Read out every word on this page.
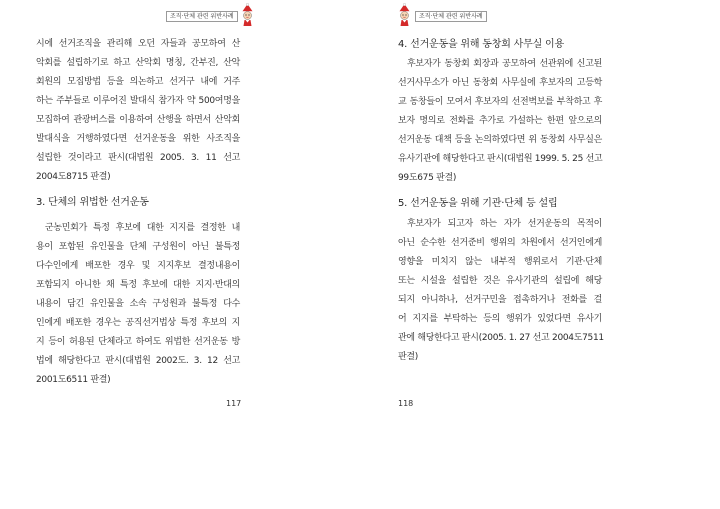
조직·단체 관련 위반사례
시에 선거조직을 관리해 오던 자들과 공모하여 산
악회를 설립하기로 하고 산악회 명칭, 간부진, 산악
회원의 모집방법 등을 의논하고 선거구 내에 거주
하는 주부들로 이루어진 발대식 참가자 약 500여명을
모집하여 관광버스를 이용하여 산행을 하면서 산악회
발대식을 거행하였다면 선거운동을 위한 사조직을
설립한 것이라고 판시(대법원 2005. 3. 11 선고
2004도8715 판결)
3. 단체의 위법한 선거운동
군농민회가 특정 후보에 대한 지지를 결정한 내
용이 포함된 유인물을 단체 구성원이 아닌 불특정
다수인에게 배포한 경우 및 지지후보 결정내용이
포함되지 아니한 채 특정 후보에 대한 지지·반대의
내용이 담긴 유인물을 소속 구성원과 불특정 다수
인에게 배포한 경우는 공직선거법상 특정 후보의 지
지 등이 허용된 단체라고 하여도 위법한 선거운동 방
법에 해당한다고 판시(대법원 2002도. 3. 12 선고
2001도6511 판결)
117
조직·단체 관련 위반사례
4. 선거운동을 위해 동창회 사무실 이용
후보자가 동창회 회장과 공모하여 선관위에 신고된
선거사무소가 아닌 동창회 사무실에 후보자의 고등학
교 동창들이 모여서 후보자의 선전벽보를 부착하고 후
보자 명의로 전화를 추가로 가설하는 한편 앞으로의
선거운동 대책 등을 논의하였다면 위 동창회 사무실은
유사기관에 해당한다고 판시(대법원 1999. 5. 25 선고
99도675 판결)
5. 선거운동을 위해 기관·단체 등 설립
후보자가 되고자 하는 자가 선거운동의 목적이
아닌 순수한 선거준비 행위의 차원에서 선거인에게
영향을 미치지 않는 내부적 행위로서 기관·단체
또는 시설을 설립한 것은 유사기관의 설립에 해당
되지 아니하나, 선거구민을 접촉하거나 전화를 걸
어 지지를 부탁하는 등의 행위가 있었다면 유사기
관에 해당한다고 판시(2005. 1. 27 선고 2004도7511
판결)
118
